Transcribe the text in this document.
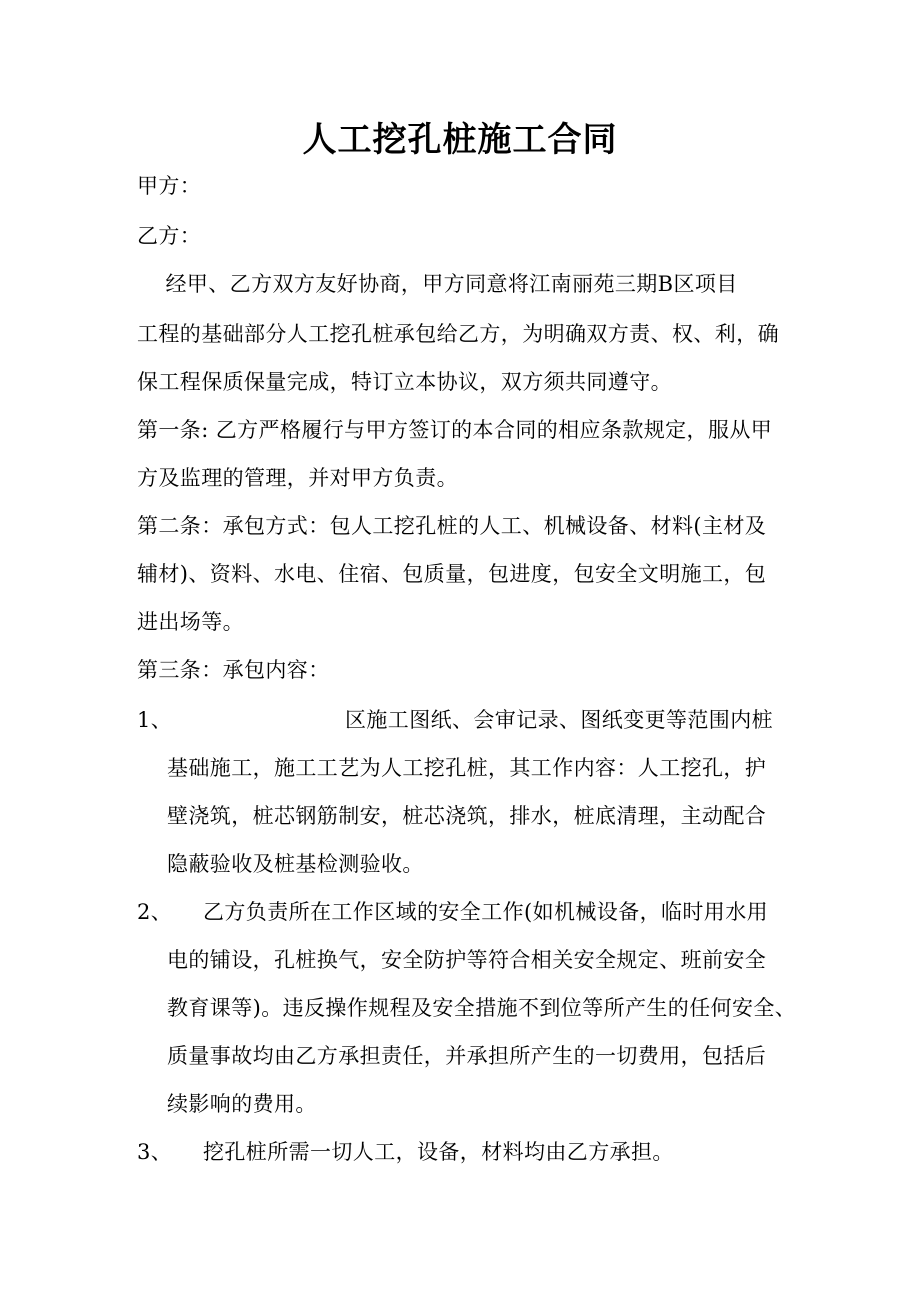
人工挖孔桩施工合同
甲方：
乙方：
　 经甲、乙方双方友好协商，甲方同意将江南丽苑三期B区项目
工程的基础部分人工挖孔桩承包给乙方，为明确双方责、权、利，确
保工程保质保量完成，特订立本协议，双方须共同遵守。
第一条: 乙方严格履行与甲方签订的本合同的相应条款规定，服从甲
方及监理的管理，并对甲方负责。
第二条：承包方式：包人工挖孔桩的人工、机械设备、材料(主材及
辅材)、资料、水电、住宿、包质量，包进度，包安全文明施工，包
进出场等。
第三条：承包内容：
1、	区施工图纸、会审记录、图纸变更等范围内桩
基础施工，施工工艺为人工挖孔桩，其工作内容：人工挖孔，护
壁浇筑，桩芯钢筋制安，桩芯浇筑，排水，桩底清理，主动配合
隐蔽验收及桩基检测验收。
2、 乙方负责所在工作区域的安全工作(如机械设备，临时用水用
电的铺设，孔桩换气，安全防护等符合相关安全规定、班前安全
教育课等)。违反操作规程及安全措施不到位等所产生的任何安全、
质量事故均由乙方承担责任，并承担所产生的一切费用，包括后
续影响的费用。
3、 挖孔桩所需一切人工，设备，材料均由乙方承担。
